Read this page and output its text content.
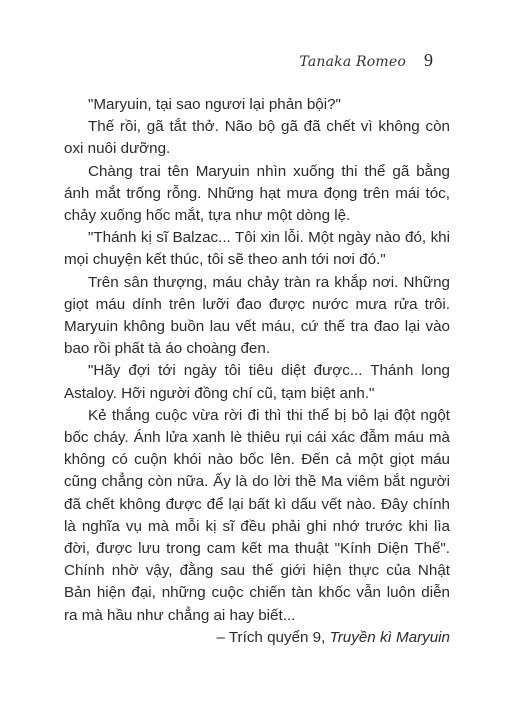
Tanaka Romeo 9

"Maryuin, tại sao ngươi lại phản bội?"

Thế rồi, gã tắt thở. Não bộ gã đã chết vì không còn oxi nuôi dưỡng.

Chàng trai tên Maryuin nhìn xuống thi thể gã bằng ánh mắt trống rỗng. Những hạt mưa đọng trên mái tóc, chảy xuống hốc mắt, tựa như một dòng lệ.

"Thánh kị sĩ Balzac... Tôi xin lỗi. Một ngày nào đó, khi mọi chuyện kết thúc, tôi sẽ theo anh tới nơi đó."

Trên sân thượng, máu chảy tràn ra khắp nơi. Những giọt máu dính trên lưỡi đao được nước mưa rửa trôi. Maryuin không buồn lau vết máu, cứ thế tra đao lại vào bao rồi phất tà áo choàng đen.

"Hãy đợi tới ngày tôi tiêu diệt được... Thánh long Astaloy. Hỡi người đồng chí cũ, tạm biệt anh."

Kẻ thắng cuộc vừa rời đi thì thi thể bị bỏ lại đột ngột bốc cháy. Ánh lửa xanh lè thiêu rụi cái xác đẫm máu mà không có cuộn khói nào bốc lên. Đến cả một giọt máu cũng chẳng còn nữa. Ấy là do lời thề Ma viêm bắt người đã chết không được để lại bất kì dấu vết nào. Đây chính là nghĩa vụ mà mỗi kị sĩ đều phải ghi nhớ trước khi lìa đời, được lưu trong cam kết ma thuật "Kính Diện Thế". Chính nhờ vậy, đằng sau thế giới hiện thực của Nhật Bản hiện đại, những cuộc chiến tàn khốc vẫn luôn diễn ra mà hầu như chẳng ai hay biết...

– Trích quyển 9, Truyền kì Maryuin
